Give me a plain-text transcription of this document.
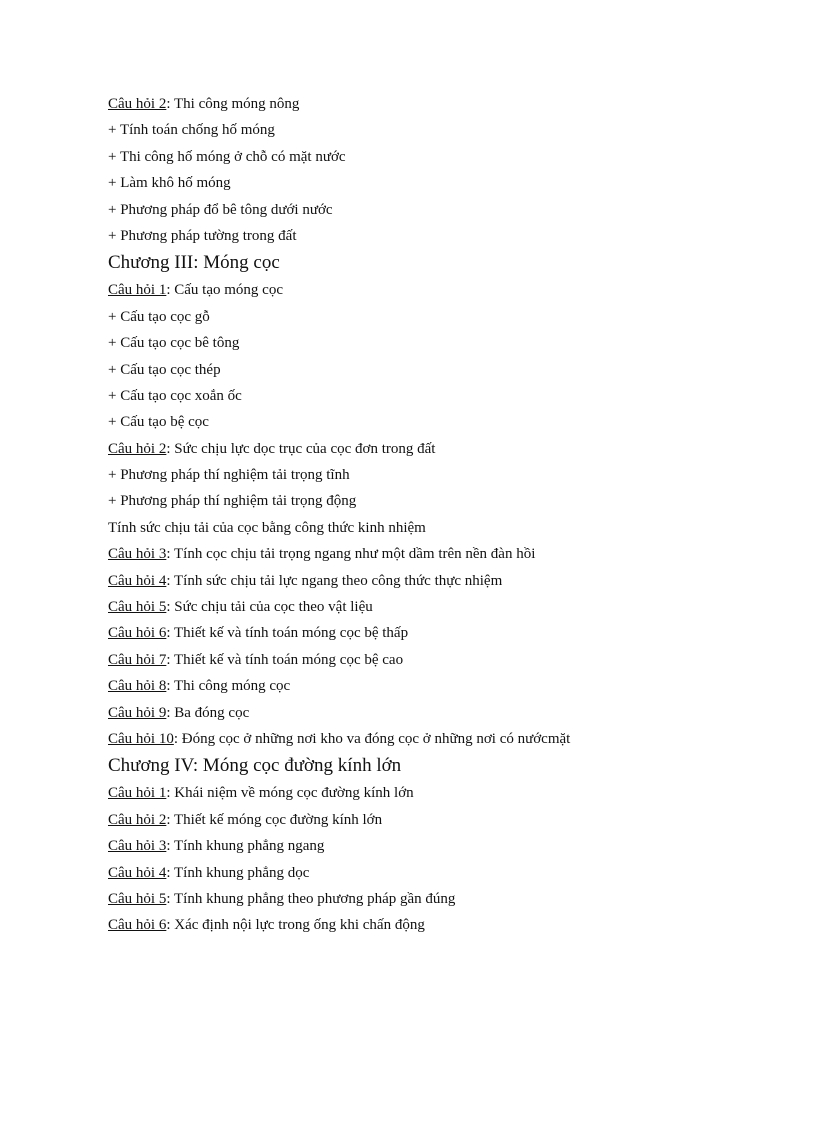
Câu hỏi 2: Thi công móng nông
+ Tính toán chống hố móng
+ Thi công hố móng ở chỗ có mặt nước
+ Làm khô hố móng
+ Phương pháp đổ bê tông dưới nước
+ Phương pháp tường trong đất
Chương III: Móng cọc
Câu hỏi 1: Cấu tạo móng cọc
+ Cấu tạo cọc gỗ
+ Cấu tạo cọc bê tông
+ Cấu tạo cọc thép
+ Cấu tạo cọc xoắn ốc
+ Cấu tạo bệ cọc
Câu hỏi 2: Sức chịu lực dọc trục của cọc đơn trong đất
+ Phương pháp thí nghiệm tải trọng tĩnh
+ Phương pháp thí nghiệm tải trọng động
Tính sức chịu tải của cọc bằng công thức kinh nhiệm
Câu hỏi 3: Tính cọc chịu tải trọng ngang như một dầm trên nền đàn hồi
Câu hỏi 4: Tính sức chịu tải lực ngang theo công thức thực nhiệm
Câu hỏi 5: Sức chịu tải của cọc theo vật liệu
Câu hỏi 6: Thiết kế và tính toán móng cọc bệ thấp
Câu hỏi 7: Thiết kế và tính toán móng cọc bệ cao
Câu hỏi 8: Thi công móng cọc
Câu hỏi 9: Ba đóng cọc
Câu hỏi 10: Đóng cọc ở những nơi kho va đóng cọc ở những nơi có nướcmặt
Chương IV: Móng cọc đường kính lớn
Câu hỏi 1: Khái niệm về móng cọc đường kính lớn
Câu hỏi 2: Thiết kế móng cọc đường kính lớn
Câu hỏi 3: Tính khung phẳng ngang
Câu hỏi 4: Tính khung phẳng dọc
Câu hỏi 5: Tính khung phẳng theo phương pháp gần đúng
Câu hỏi 6: Xác định nội lực trong ống khi chấn động
